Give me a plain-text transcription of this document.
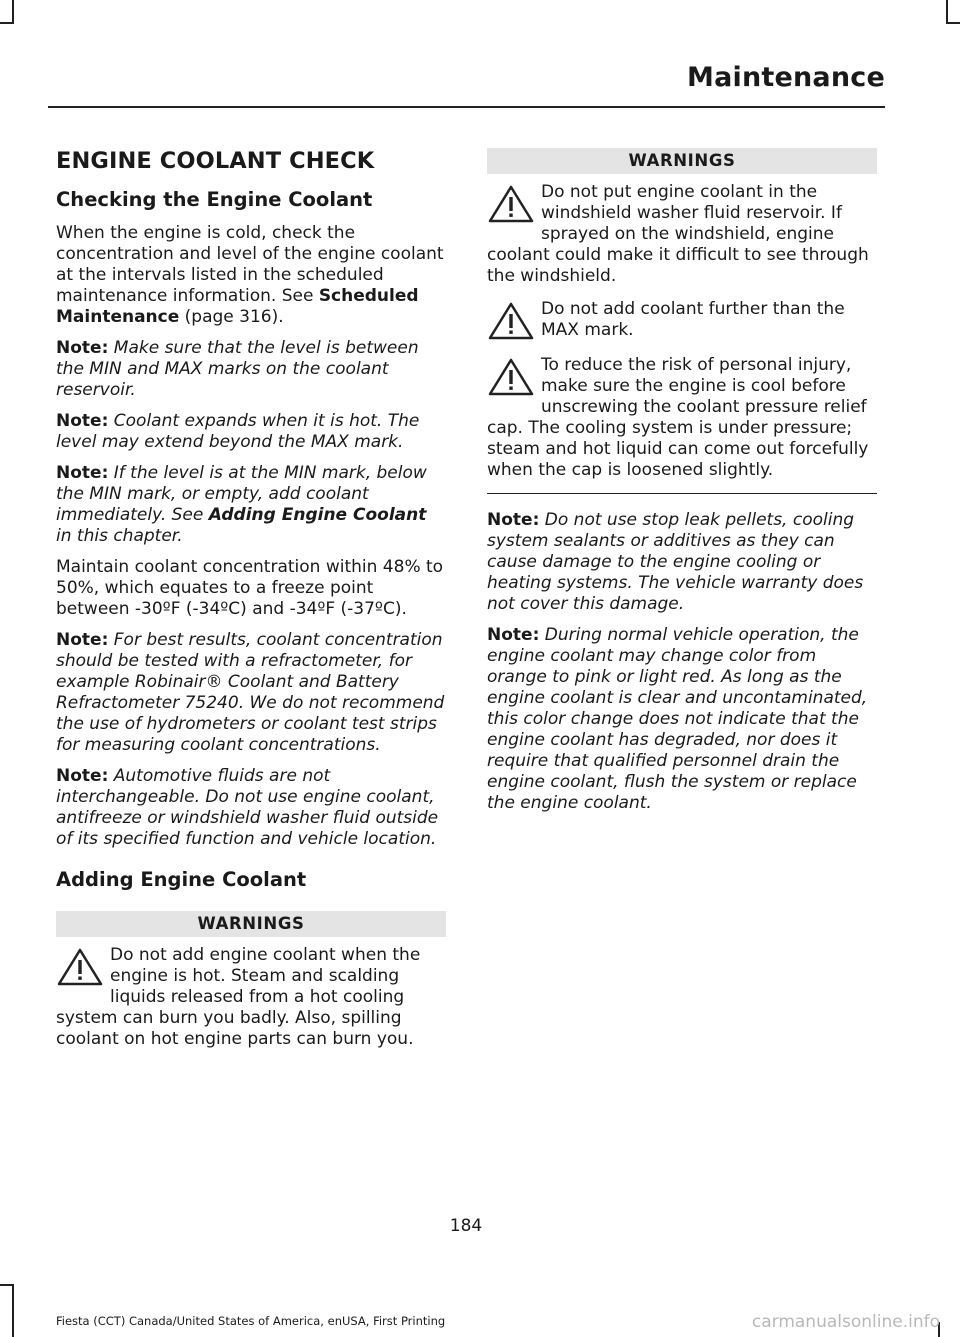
Maintenance
ENGINE COOLANT CHECK
Checking the Engine Coolant

When the engine is cold, check the concentration and level of the engine coolant at the intervals listed in the scheduled maintenance information. See Scheduled Maintenance (page 316).

Note: Make sure that the level is between the MIN and MAX marks on the coolant reservoir.

Note: Coolant expands when it is hot. The level may extend beyond the MAX mark.

Note: If the level is at the MIN mark, below the MIN mark, or empty, add coolant immediately. See Adding Engine Coolant in this chapter.

Maintain coolant concentration within 48% to 50%, which equates to a freeze point between -30ºF (-34ºC) and -34ºF (-37ºC).

Note: For best results, coolant concentration should be tested with a refractometer, for example Robinair® Coolant and Battery Refractometer 75240. We do not recommend the use of hydrometers or coolant test strips for measuring coolant concentrations.

Note: Automotive fluids are not interchangeable. Do not use engine coolant, antifreeze or windshield washer fluid outside of its specified function and vehicle location.

Adding Engine Coolant
WARNINGS
Do not add engine coolant when the engine is hot. Steam and scalding liquids released from a hot cooling system can burn you badly. Also, spilling coolant on hot engine parts can burn you.
WARNINGS
Do not put engine coolant in the windshield washer fluid reservoir. If sprayed on the windshield, engine coolant could make it difficult to see through the windshield.
Do not add coolant further than the MAX mark.
To reduce the risk of personal injury, make sure the engine is cool before unscrewing the coolant pressure relief cap. The cooling system is under pressure; steam and hot liquid can come out forcefully when the cap is loosened slightly.

Note: Do not use stop leak pellets, cooling system sealants or additives as they can cause damage to the engine cooling or heating systems. The vehicle warranty does not cover this damage.

Note: During normal vehicle operation, the engine coolant may change color from orange to pink or light red. As long as the engine coolant is clear and uncontaminated, this color change does not indicate that the engine coolant has degraded, nor does it require that qualified personnel drain the engine coolant, flush the system or replace the engine coolant.

184
Fiesta (CCT) Canada/United States of America, enUSA, First Printing	carmanualsonline.info
